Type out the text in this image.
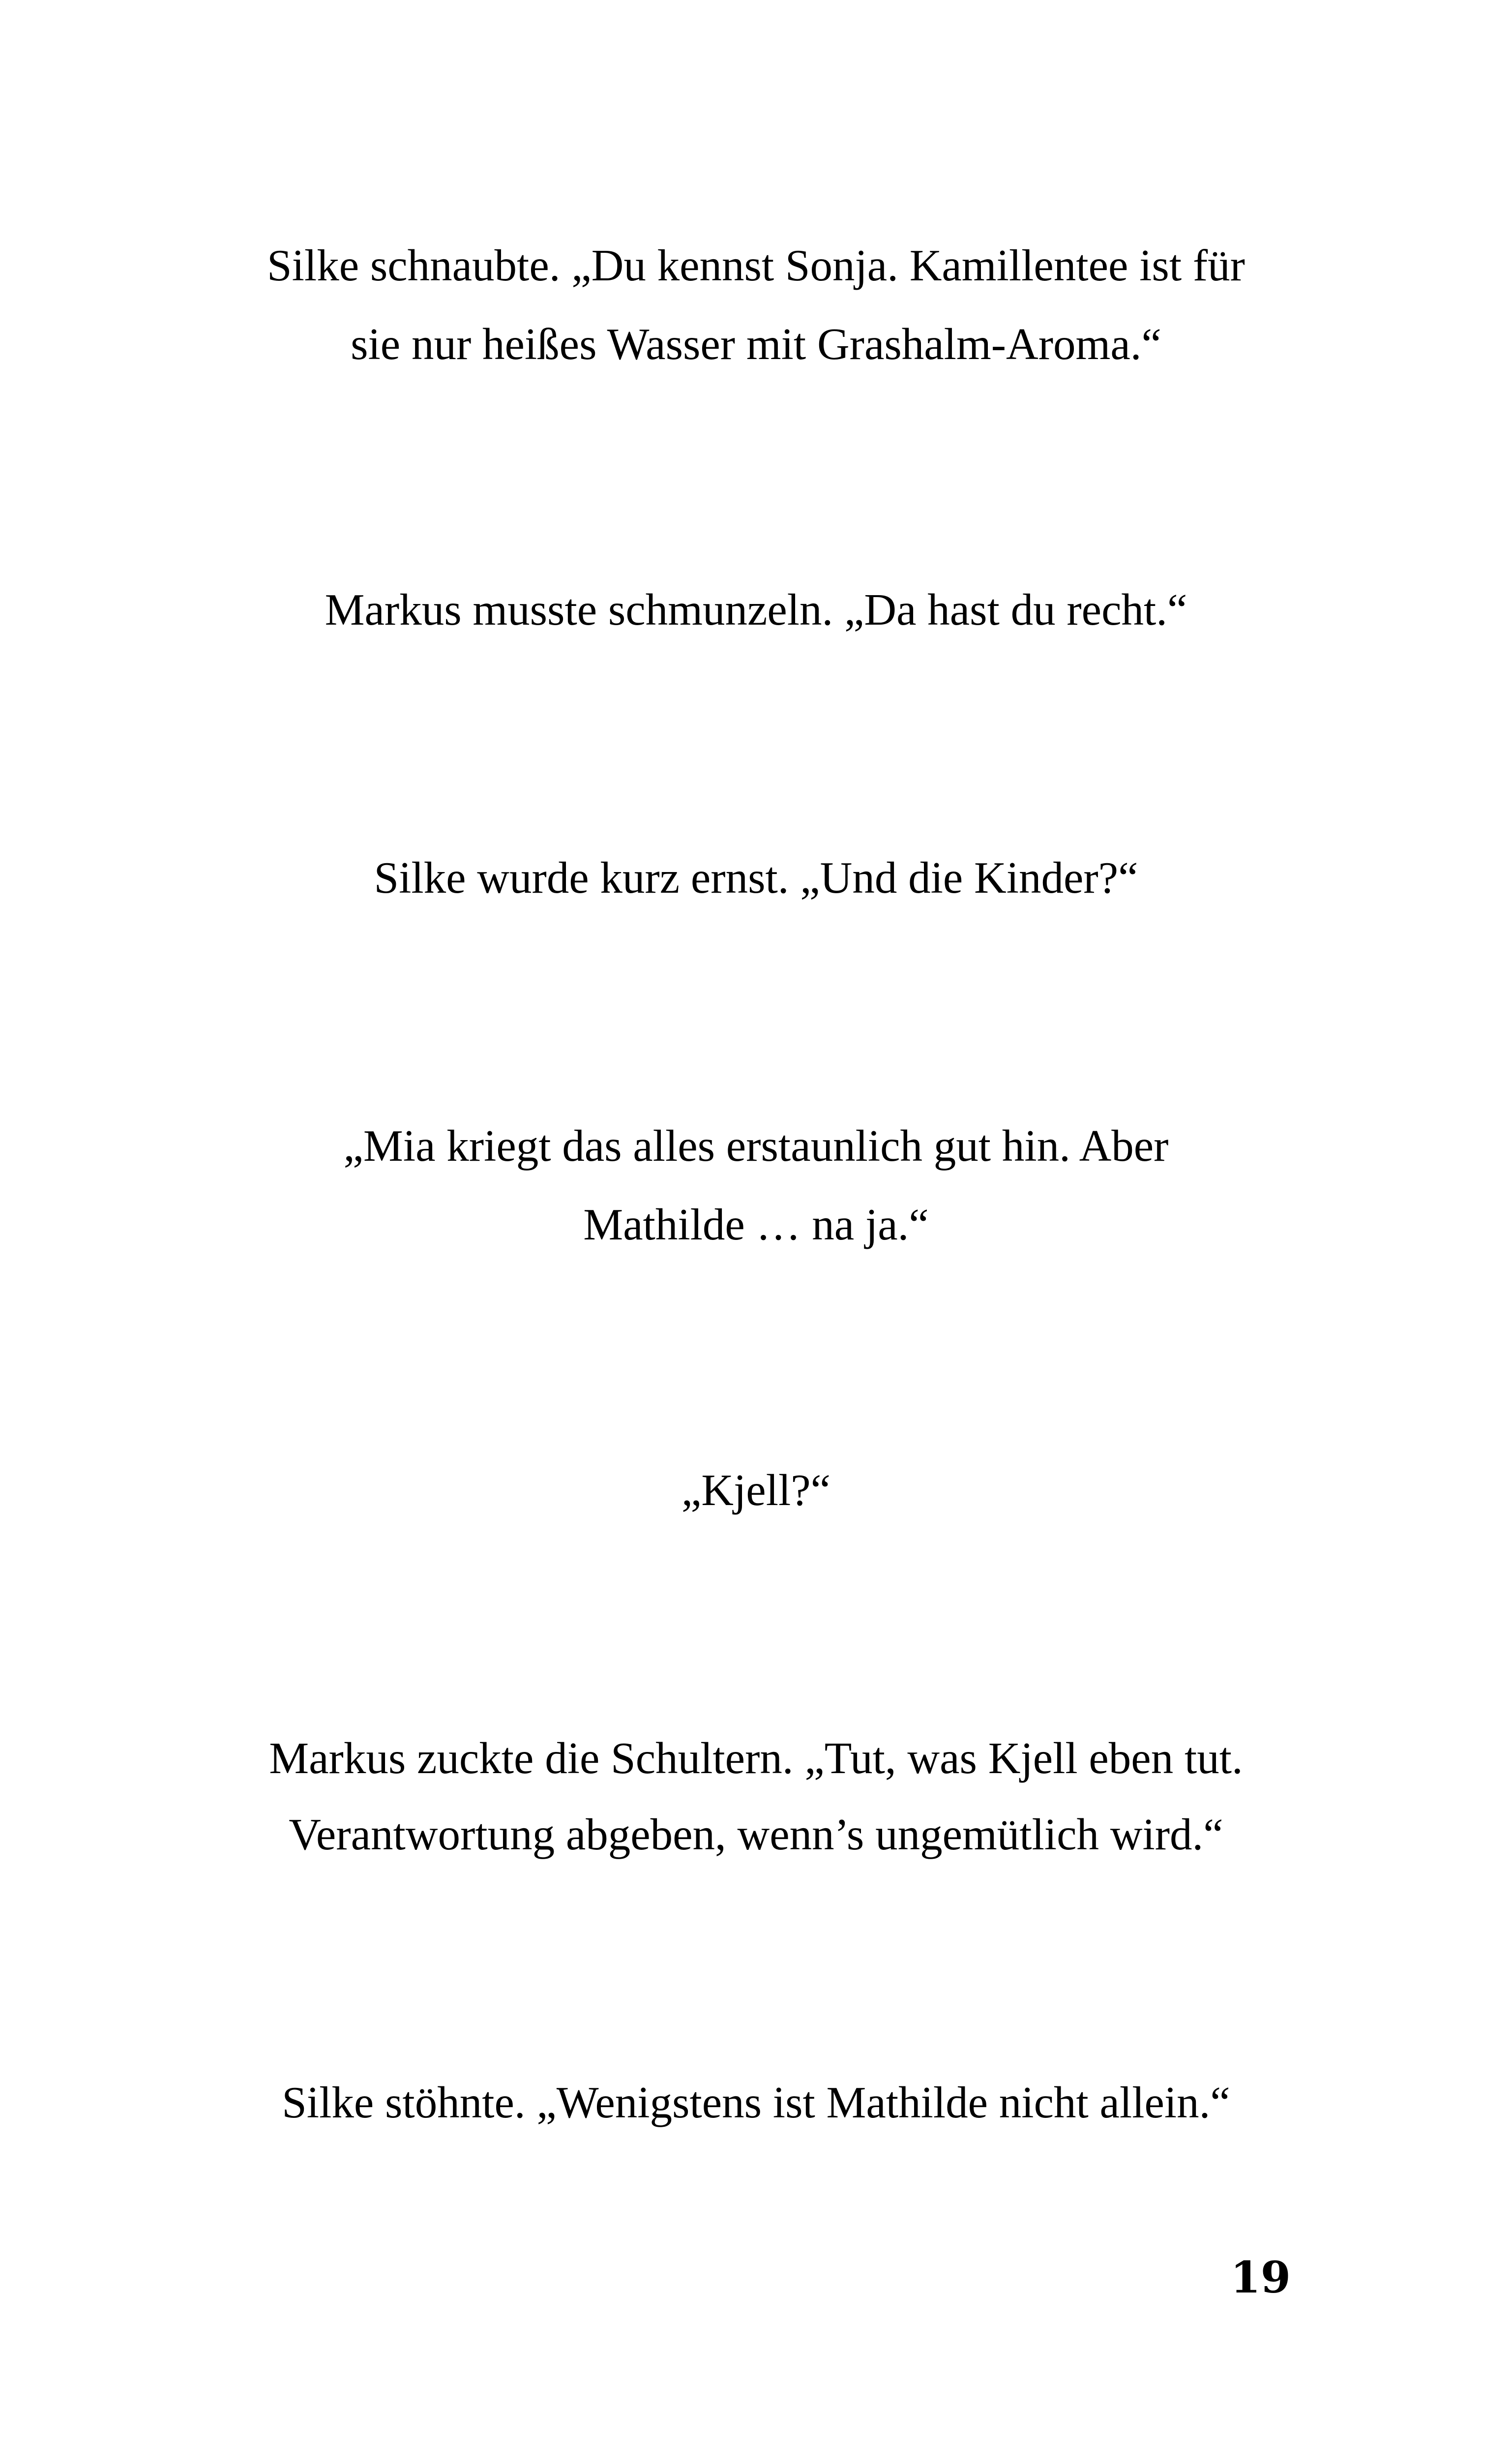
Silke schnaubte. „Du kennst Sonja. Kamillentee ist für

sie nur heißes Wasser mit Grashalm-Aroma.“

Markus musste schmunzeln. „Da hast du recht.“

Silke wurde kurz ernst. „Und die Kinder?“

„Mia kriegt das alles erstaunlich gut hin. Aber

Mathilde … na ja.“

„Kjell?“

Markus zuckte die Schultern. „Tut, was Kjell eben tut.

Verantwortung abgeben, wenn’s ungemütlich wird.“

Silke stöhnte. „Wenigstens ist Mathilde nicht allein.“

19
